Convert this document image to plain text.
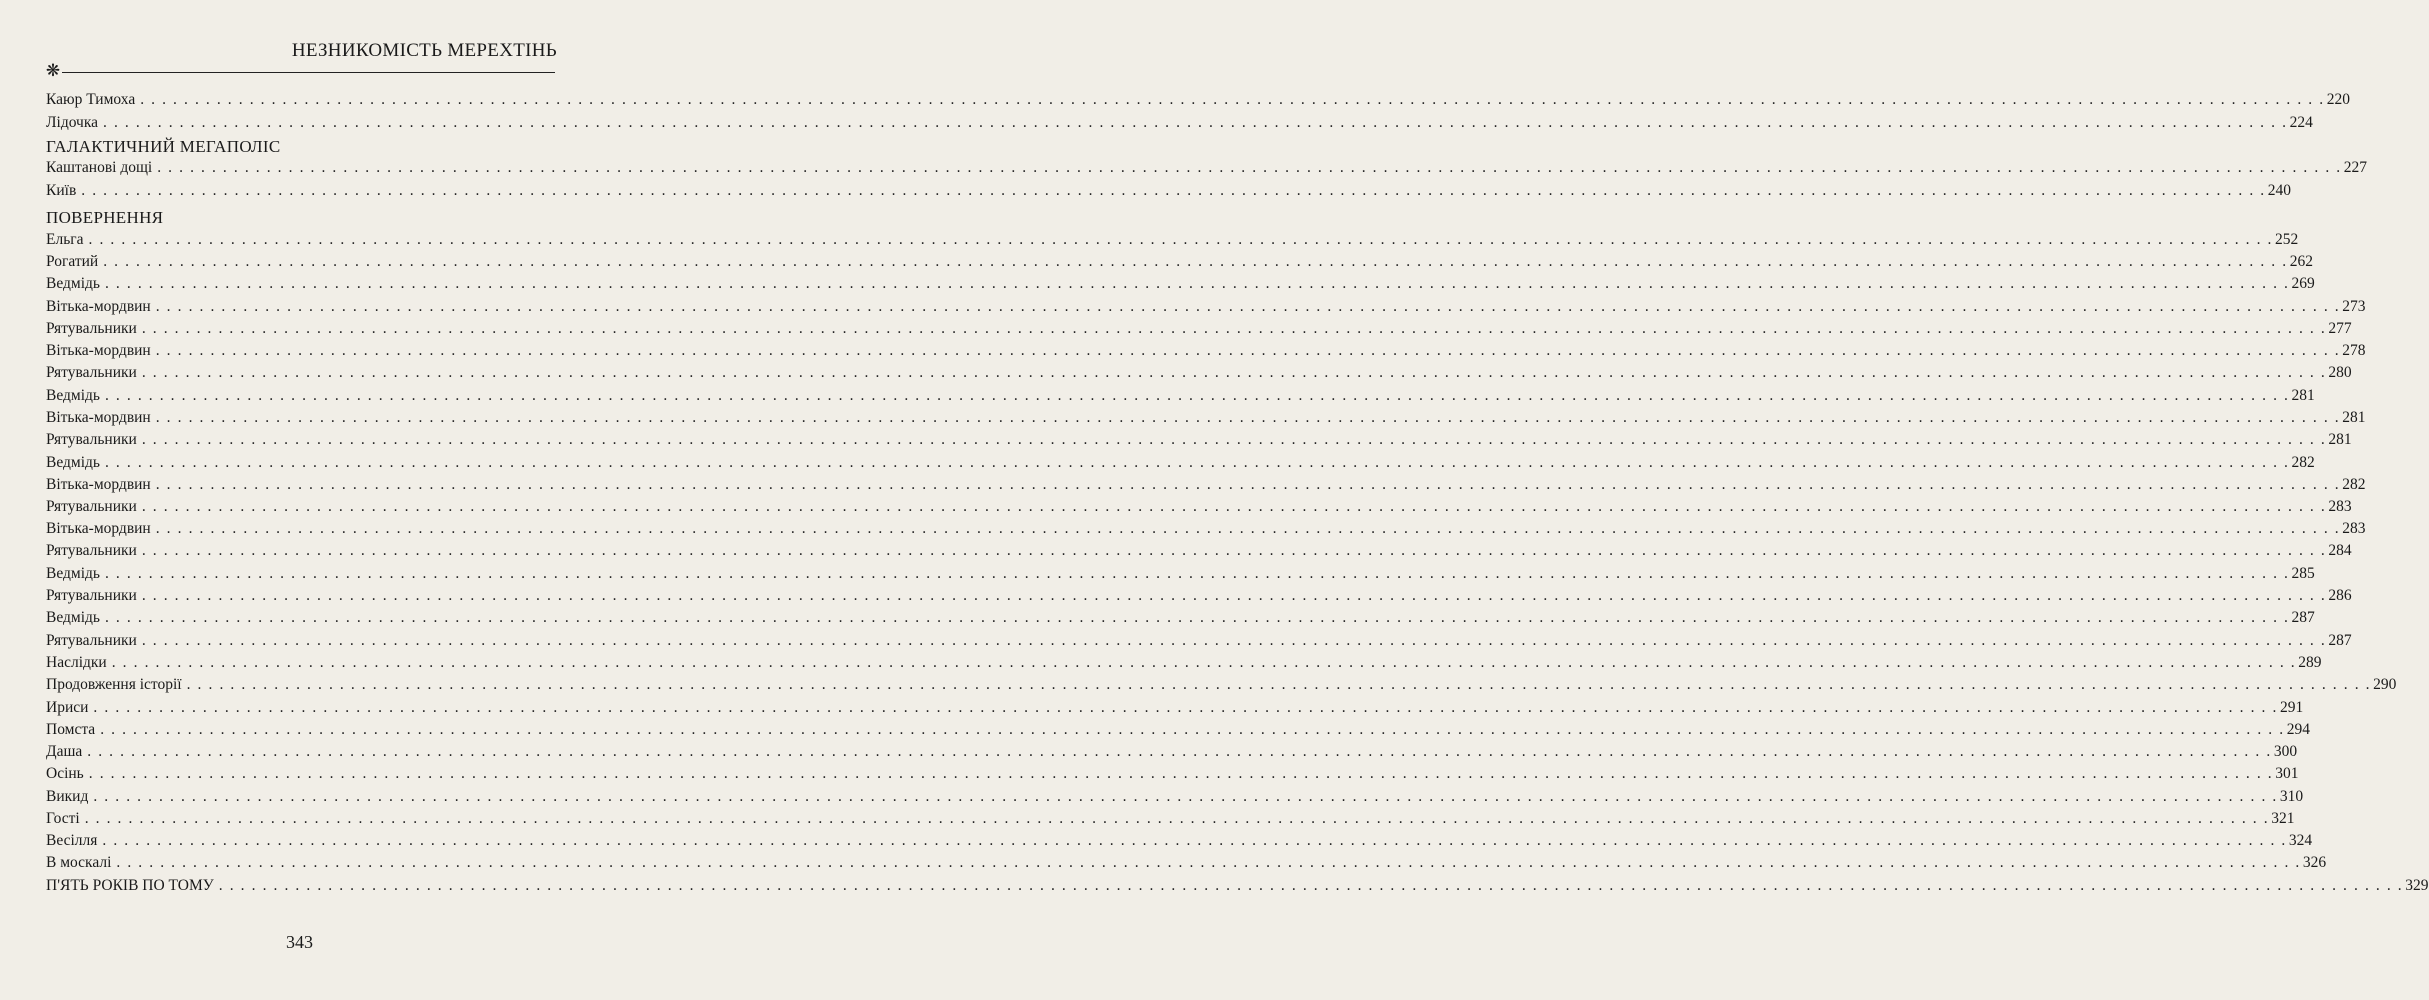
НЕЗНИКОМІСТЬ МЕРЕХТІНЬ
❋
Каюр Тимоха . . . . . . . . . . . . . . . . . . . . . . . . . . . . . . . . . . . . . . . . . . . . . . . . . . . . . . . . . . . . . . . . . . . . . . . . . . . . . . . . . . . . . . . . . . . . . . . . . . . . . . . . . . . . . . . . . . . . . . . . . . . . . . . . . . . . . . . . . . . . . . . . . . . . . . . . . . . . . . . . . . . . . . . . . . . . . . . . . . . . . . . . . . . . . . . . . . . . . . . . 220
Лідочка . . . . . . . . . . . . . . . . . . . . . . . . . . . . . . . . . . . . . . . . . . . . . . . . . . . . . . . . . . . . . . . . . . . . . . . . . . . . . . . . . . . . . . . . . . . . . . . . . . . . . . . . . . . . . . . . . . . . . . . . . . . . . . . . . . . . . . . . . . . . . . . . . . . . . . . . . . . . . . . . . . . . . . . . . . . . . . . . . . . . . . . . . . . . . . . . . . . . . . . . 224
ГАЛАКТИЧНИЙ МЕГАПОЛІС
Каштанові дощі . . . . . . . . . . . . . . . . . . . . . . . . . . . . . . . . . . . . . . . . . . . . . . . . . . . . . . . . . . . . . . . . . . . . . . . . . . . . . . . . . . . . . . . . . . . . . . . . . . . . . . . . . . . . . . . . . . . . . . . . . . . . . . . . . . . . . . . . . . . . . . . . . . . . . . . . . . . . . . . . . . . . . . . . . . . . . . . . . . . . . . . . . . . . . . . . . . . . . . . . 227
Київ . . . . . . . . . . . . . . . . . . . . . . . . . . . . . . . . . . . . . . . . . . . . . . . . . . . . . . . . . . . . . . . . . . . . . . . . . . . . . . . . . . . . . . . . . . . . . . . . . . . . . . . . . . . . . . . . . . . . . . . . . . . . . . . . . . . . . . . . . . . . . . . . . . . . . . . . . . . . . . . . . . . . . . . . . . . . . . . . . . . . . . . . . . . . . . . . . . . . . . . . 240
ПОВЕРНЕННЯ
Ельга . . . . . . . . . . . . . . . . . . . . . . . . . . . . . . . . . . . . . . . . . . . . . . . . . . . . . . . . . . . . . . . . . . . . . . . . . . . . . . . . . . . . . . . . . . . . . . . . . . . . . . . . . . . . . . . . . . . . . . . . . . . . . . . . . . . . . . . . . . . . . . . . . . . . . . . . . . . . . . . . . . . . . . . . . . . . . . . . . . . . . . . . . . . . . . . . . . . . . . . . 252
Рогатий . . . . . . . . . . . . . . . . . . . . . . . . . . . . . . . . . . . . . . . . . . . . . . . . . . . . . . . . . . . . . . . . . . . . . . . . . . . . . . . . . . . . . . . . . . . . . . . . . . . . . . . . . . . . . . . . . . . . . . . . . . . . . . . . . . . . . . . . . . . . . . . . . . . . . . . . . . . . . . . . . . . . . . . . . . . . . . . . . . . . . . . . . . . . . . . . . . . . . . . . 262
Ведмідь . . . . . . . . . . . . . . . . . . . . . . . . . . . . . . . . . . . . . . . . . . . . . . . . . . . . . . . . . . . . . . . . . . . . . . . . . . . . . . . . . . . . . . . . . . . . . . . . . . . . . . . . . . . . . . . . . . . . . . . . . . . . . . . . . . . . . . . . . . . . . . . . . . . . . . . . . . . . . . . . . . . . . . . . . . . . . . . . . . . . . . . . . . . . . . . . . . . . . . . . 269
Вітька-мордвин . . . . . . . . . . . . . . . . . . . . . . . . . . . . . . . . . . . . . . . . . . . . . . . . . . . . . . . . . . . . . . . . . . . . . . . . . . . . . . . . . . . . . . . . . . . . . . . . . . . . . . . . . . . . . . . . . . . . . . . . . . . . . . . . . . . . . . . . . . . . . . . . . . . . . . . . . . . . . . . . . . . . . . . . . . . . . . . . . . . . . . . . . . . . . . . . . . . . . . . . 273
Рятувальники . . . . . . . . . . . . . . . . . . . . . . . . . . . . . . . . . . . . . . . . . . . . . . . . . . . . . . . . . . . . . . . . . . . . . . . . . . . . . . . . . . . . . . . . . . . . . . . . . . . . . . . . . . . . . . . . . . . . . . . . . . . . . . . . . . . . . . . . . . . . . . . . . . . . . . . . . . . . . . . . . . . . . . . . . . . . . . . . . . . . . . . . . . . . . . . . . . . . . . . . 277
Вітька-мордвин . . . . . . . . . . . . . . . . . . . . . . . . . . . . . . . . . . . . . . . . . . . . . . . . . . . . . . . . . . . . . . . . . . . . . . . . . . . . . . . . . . . . . . . . . . . . . . . . . . . . . . . . . . . . . . . . . . . . . . . . . . . . . . . . . . . . . . . . . . . . . . . . . . . . . . . . . . . . . . . . . . . . . . . . . . . . . . . . . . . . . . . . . . . . . . . . . . . . . . . . 278
Рятувальники . . . . . . . . . . . . . . . . . . . . . . . . . . . . . . . . . . . . . . . . . . . . . . . . . . . . . . . . . . . . . . . . . . . . . . . . . . . . . . . . . . . . . . . . . . . . . . . . . . . . . . . . . . . . . . . . . . . . . . . . . . . . . . . . . . . . . . . . . . . . . . . . . . . . . . . . . . . . . . . . . . . . . . . . . . . . . . . . . . . . . . . . . . . . . . . . . . . . . . . . 280
Ведмідь . . . . . . . . . . . . . . . . . . . . . . . . . . . . . . . . . . . . . . . . . . . . . . . . . . . . . . . . . . . . . . . . . . . . . . . . . . . . . . . . . . . . . . . . . . . . . . . . . . . . . . . . . . . . . . . . . . . . . . . . . . . . . . . . . . . . . . . . . . . . . . . . . . . . . . . . . . . . . . . . . . . . . . . . . . . . . . . . . . . . . . . . . . . . . . . . . . . . . . . . 281
Вітька-мордвин . . . . . . . . . . . . . . . . . . . . . . . . . . . . . . . . . . . . . . . . . . . . . . . . . . . . . . . . . . . . . . . . . . . . . . . . . . . . . . . . . . . . . . . . . . . . . . . . . . . . . . . . . . . . . . . . . . . . . . . . . . . . . . . . . . . . . . . . . . . . . . . . . . . . . . . . . . . . . . . . . . . . . . . . . . . . . . . . . . . . . . . . . . . . . . . . . . . . . . . . 281
Рятувальники . . . . . . . . . . . . . . . . . . . . . . . . . . . . . . . . . . . . . . . . . . . . . . . . . . . . . . . . . . . . . . . . . . . . . . . . . . . . . . . . . . . . . . . . . . . . . . . . . . . . . . . . . . . . . . . . . . . . . . . . . . . . . . . . . . . . . . . . . . . . . . . . . . . . . . . . . . . . . . . . . . . . . . . . . . . . . . . . . . . . . . . . . . . . . . . . . . . . . . . . 281
Ведмідь . . . . . . . . . . . . . . . . . . . . . . . . . . . . . . . . . . . . . . . . . . . . . . . . . . . . . . . . . . . . . . . . . . . . . . . . . . . . . . . . . . . . . . . . . . . . . . . . . . . . . . . . . . . . . . . . . . . . . . . . . . . . . . . . . . . . . . . . . . . . . . . . . . . . . . . . . . . . . . . . . . . . . . . . . . . . . . . . . . . . . . . . . . . . . . . . . . . . . . . . 282
Вітька-мордвин . . . . . . . . . . . . . . . . . . . . . . . . . . . . . . . . . . . . . . . . . . . . . . . . . . . . . . . . . . . . . . . . . . . . . . . . . . . . . . . . . . . . . . . . . . . . . . . . . . . . . . . . . . . . . . . . . . . . . . . . . . . . . . . . . . . . . . . . . . . . . . . . . . . . . . . . . . . . . . . . . . . . . . . . . . . . . . . . . . . . . . . . . . . . . . . . . . . . . . . . 282
Рятувальники . . . . . . . . . . . . . . . . . . . . . . . . . . . . . . . . . . . . . . . . . . . . . . . . . . . . . . . . . . . . . . . . . . . . . . . . . . . . . . . . . . . . . . . . . . . . . . . . . . . . . . . . . . . . . . . . . . . . . . . . . . . . . . . . . . . . . . . . . . . . . . . . . . . . . . . . . . . . . . . . . . . . . . . . . . . . . . . . . . . . . . . . . . . . . . . . . . . . . . . . 283
Вітька-мордвин . . . . . . . . . . . . . . . . . . . . . . . . . . . . . . . . . . . . . . . . . . . . . . . . . . . . . . . . . . . . . . . . . . . . . . . . . . . . . . . . . . . . . . . . . . . . . . . . . . . . . . . . . . . . . . . . . . . . . . . . . . . . . . . . . . . . . . . . . . . . . . . . . . . . . . . . . . . . . . . . . . . . . . . . . . . . . . . . . . . . . . . . . . . . . . . . . . . . . . . . 283
Рятувальники . . . . . . . . . . . . . . . . . . . . . . . . . . . . . . . . . . . . . . . . . . . . . . . . . . . . . . . . . . . . . . . . . . . . . . . . . . . . . . . . . . . . . . . . . . . . . . . . . . . . . . . . . . . . . . . . . . . . . . . . . . . . . . . . . . . . . . . . . . . . . . . . . . . . . . . . . . . . . . . . . . . . . . . . . . . . . . . . . . . . . . . . . . . . . . . . . . . . . . . . 284
Ведмідь . . . . . . . . . . . . . . . . . . . . . . . . . . . . . . . . . . . . . . . . . . . . . . . . . . . . . . . . . . . . . . . . . . . . . . . . . . . . . . . . . . . . . . . . . . . . . . . . . . . . . . . . . . . . . . . . . . . . . . . . . . . . . . . . . . . . . . . . . . . . . . . . . . . . . . . . . . . . . . . . . . . . . . . . . . . . . . . . . . . . . . . . . . . . . . . . . . . . . . . . 285
Рятувальники . . . . . . . . . . . . . . . . . . . . . . . . . . . . . . . . . . . . . . . . . . . . . . . . . . . . . . . . . . . . . . . . . . . . . . . . . . . . . . . . . . . . . . . . . . . . . . . . . . . . . . . . . . . . . . . . . . . . . . . . . . . . . . . . . . . . . . . . . . . . . . . . . . . . . . . . . . . . . . . . . . . . . . . . . . . . . . . . . . . . . . . . . . . . . . . . . . . . . . . . 286
Ведмідь . . . . . . . . . . . . . . . . . . . . . . . . . . . . . . . . . . . . . . . . . . . . . . . . . . . . . . . . . . . . . . . . . . . . . . . . . . . . . . . . . . . . . . . . . . . . . . . . . . . . . . . . . . . . . . . . . . . . . . . . . . . . . . . . . . . . . . . . . . . . . . . . . . . . . . . . . . . . . . . . . . . . . . . . . . . . . . . . . . . . . . . . . . . . . . . . . . . . . . . . 287
Рятувальники . . . . . . . . . . . . . . . . . . . . . . . . . . . . . . . . . . . . . . . . . . . . . . . . . . . . . . . . . . . . . . . . . . . . . . . . . . . . . . . . . . . . . . . . . . . . . . . . . . . . . . . . . . . . . . . . . . . . . . . . . . . . . . . . . . . . . . . . . . . . . . . . . . . . . . . . . . . . . . . . . . . . . . . . . . . . . . . . . . . . . . . . . . . . . . . . . . . . . . . . 287
Наслідки . . . . . . . . . . . . . . . . . . . . . . . . . . . . . . . . . . . . . . . . . . . . . . . . . . . . . . . . . . . . . . . . . . . . . . . . . . . . . . . . . . . . . . . . . . . . . . . . . . . . . . . . . . . . . . . . . . . . . . . . . . . . . . . . . . . . . . . . . . . . . . . . . . . . . . . . . . . . . . . . . . . . . . . . . . . . . . . . . . . . . . . . . . . . . . . . . . . . . . . . 289
Продовження історії . . . . . . . . . . . . . . . . . . . . . . . . . . . . . . . . . . . . . . . . . . . . . . . . . . . . . . . . . . . . . . . . . . . . . . . . . . . . . . . . . . . . . . . . . . . . . . . . . . . . . . . . . . . . . . . . . . . . . . . . . . . . . . . . . . . . . . . . . . . . . . . . . . . . . . . . . . . . . . . . . . . . . . . . . . . . . . . . . . . . . . . . . . . . . . . . . . . . . . . . 290
Ириси . . . . . . . . . . . . . . . . . . . . . . . . . . . . . . . . . . . . . . . . . . . . . . . . . . . . . . . . . . . . . . . . . . . . . . . . . . . . . . . . . . . . . . . . . . . . . . . . . . . . . . . . . . . . . . . . . . . . . . . . . . . . . . . . . . . . . . . . . . . . . . . . . . . . . . . . . . . . . . . . . . . . . . . . . . . . . . . . . . . . . . . . . . . . . . . . . . . . . . . . 291
Помста . . . . . . . . . . . . . . . . . . . . . . . . . . . . . . . . . . . . . . . . . . . . . . . . . . . . . . . . . . . . . . . . . . . . . . . . . . . . . . . . . . . . . . . . . . . . . . . . . . . . . . . . . . . . . . . . . . . . . . . . . . . . . . . . . . . . . . . . . . . . . . . . . . . . . . . . . . . . . . . . . . . . . . . . . . . . . . . . . . . . . . . . . . . . . . . . . . . . . . . . 294
Даша . . . . . . . . . . . . . . . . . . . . . . . . . . . . . . . . . . . . . . . . . . . . . . . . . . . . . . . . . . . . . . . . . . . . . . . . . . . . . . . . . . . . . . . . . . . . . . . . . . . . . . . . . . . . . . . . . . . . . . . . . . . . . . . . . . . . . . . . . . . . . . . . . . . . . . . . . . . . . . . . . . . . . . . . . . . . . . . . . . . . . . . . . . . . . . . . . . . . . . . . 300
Осінь . . . . . . . . . . . . . . . . . . . . . . . . . . . . . . . . . . . . . . . . . . . . . . . . . . . . . . . . . . . . . . . . . . . . . . . . . . . . . . . . . . . . . . . . . . . . . . . . . . . . . . . . . . . . . . . . . . . . . . . . . . . . . . . . . . . . . . . . . . . . . . . . . . . . . . . . . . . . . . . . . . . . . . . . . . . . . . . . . . . . . . . . . . . . . . . . . . . . . . . . 301
Викид . . . . . . . . . . . . . . . . . . . . . . . . . . . . . . . . . . . . . . . . . . . . . . . . . . . . . . . . . . . . . . . . . . . . . . . . . . . . . . . . . . . . . . . . . . . . . . . . . . . . . . . . . . . . . . . . . . . . . . . . . . . . . . . . . . . . . . . . . . . . . . . . . . . . . . . . . . . . . . . . . . . . . . . . . . . . . . . . . . . . . . . . . . . . . . . . . . . . . . . . 310
Гості . . . . . . . . . . . . . . . . . . . . . . . . . . . . . . . . . . . . . . . . . . . . . . . . . . . . . . . . . . . . . . . . . . . . . . . . . . . . . . . . . . . . . . . . . . . . . . . . . . . . . . . . . . . . . . . . . . . . . . . . . . . . . . . . . . . . . . . . . . . . . . . . . . . . . . . . . . . . . . . . . . . . . . . . . . . . . . . . . . . . . . . . . . . . . . . . . . . . . . . . 321
Весілля . . . . . . . . . . . . . . . . . . . . . . . . . . . . . . . . . . . . . . . . . . . . . . . . . . . . . . . . . . . . . . . . . . . . . . . . . . . . . . . . . . . . . . . . . . . . . . . . . . . . . . . . . . . . . . . . . . . . . . . . . . . . . . . . . . . . . . . . . . . . . . . . . . . . . . . . . . . . . . . . . . . . . . . . . . . . . . . . . . . . . . . . . . . . . . . . . . . . . . . . 324
В москалі . . . . . . . . . . . . . . . . . . . . . . . . . . . . . . . . . . . . . . . . . . . . . . . . . . . . . . . . . . . . . . . . . . . . . . . . . . . . . . . . . . . . . . . . . . . . . . . . . . . . . . . . . . . . . . . . . . . . . . . . . . . . . . . . . . . . . . . . . . . . . . . . . . . . . . . . . . . . . . . . . . . . . . . . . . . . . . . . . . . . . . . . . . . . . . . . . . . . . . . . 326
П'ЯТЬ РОКІВ ПО ТОМУ . . . . . . . . . . . . . . . . . . . . . . . . . . . . . . . . . . . . . . . . . . . . . . . . . . . . . . . . . . . . . . . . . . . . . . . . . . . . . . . . . . . . . . . . . . . . . . . . . . . . . . . . . . . . . . . . . . . . . . . . . . . . . . . . . . . . . . . . . . . . . . . . . . . . . . . . . . . . . . . . . . . . . . . . . . . . . . . . . . . . . . . . . . . . . . . . . . . . . . . . 329
343
